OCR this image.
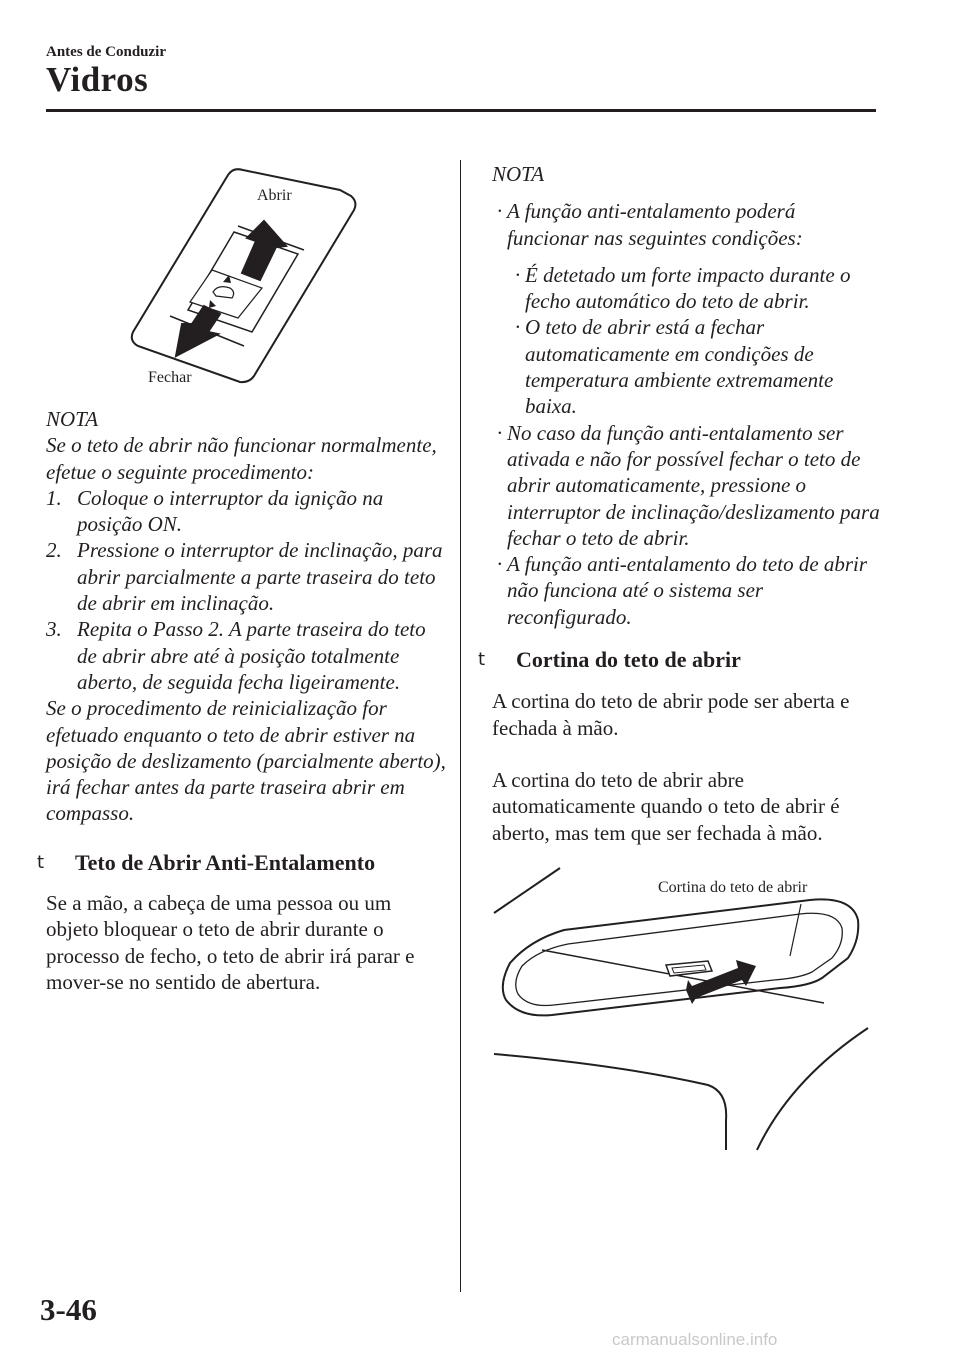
Antes de Conduzir
Vidros
Abrir
Fechar

NOTA

Se o teto de abrir não funcionar normalmente, efetue o seguinte procedimento:

1. Coloque o interruptor da ignição na posição ON.
2. Pressione o interruptor de inclinação, para abrir parcialmente a parte traseira do teto de abrir em inclinação.
3. Repita o Passo 2. A parte traseira do teto de abrir abre até à posição totalmente aberto, de seguida fecha ligeiramente.

Se o procedimento de reinicialização for efetuado enquanto o teto de abrir estiver na posição de deslizamento (parcialmente aberto), irá fechar antes da parte traseira abrir em compasso.

t	Teto de Abrir Anti-Entalamento

Se a mão, a cabeça de uma pessoa ou um objeto bloquear o teto de abrir durante o processo de fecho, o teto de abrir irá parar e mover-se no sentido de abertura.

NOTA

· A função anti-entalamento poderá funcionar nas seguintes condições:
· É detetado um forte impacto durante o fecho automático do teto de abrir.
· O teto de abrir está a fechar automaticamente em condições de temperatura ambiente extremamente baixa.
· No caso da função anti-entalamento ser ativada e não for possível fechar o teto de abrir automaticamente, pressione o interruptor de inclinação/deslizamento para fechar o teto de abrir.
· A função anti-entalamento do teto de abrir não funciona até o sistema ser reconfigurado.
t	Cortina do teto de abrir

A cortina do teto de abrir pode ser aberta e fechada à mão.

A cortina do teto de abrir abre automaticamente quando o teto de abrir é aberto, mas tem que ser fechada à mão.

Cortina do teto de abrir
3-46
carmanualsonline.info
